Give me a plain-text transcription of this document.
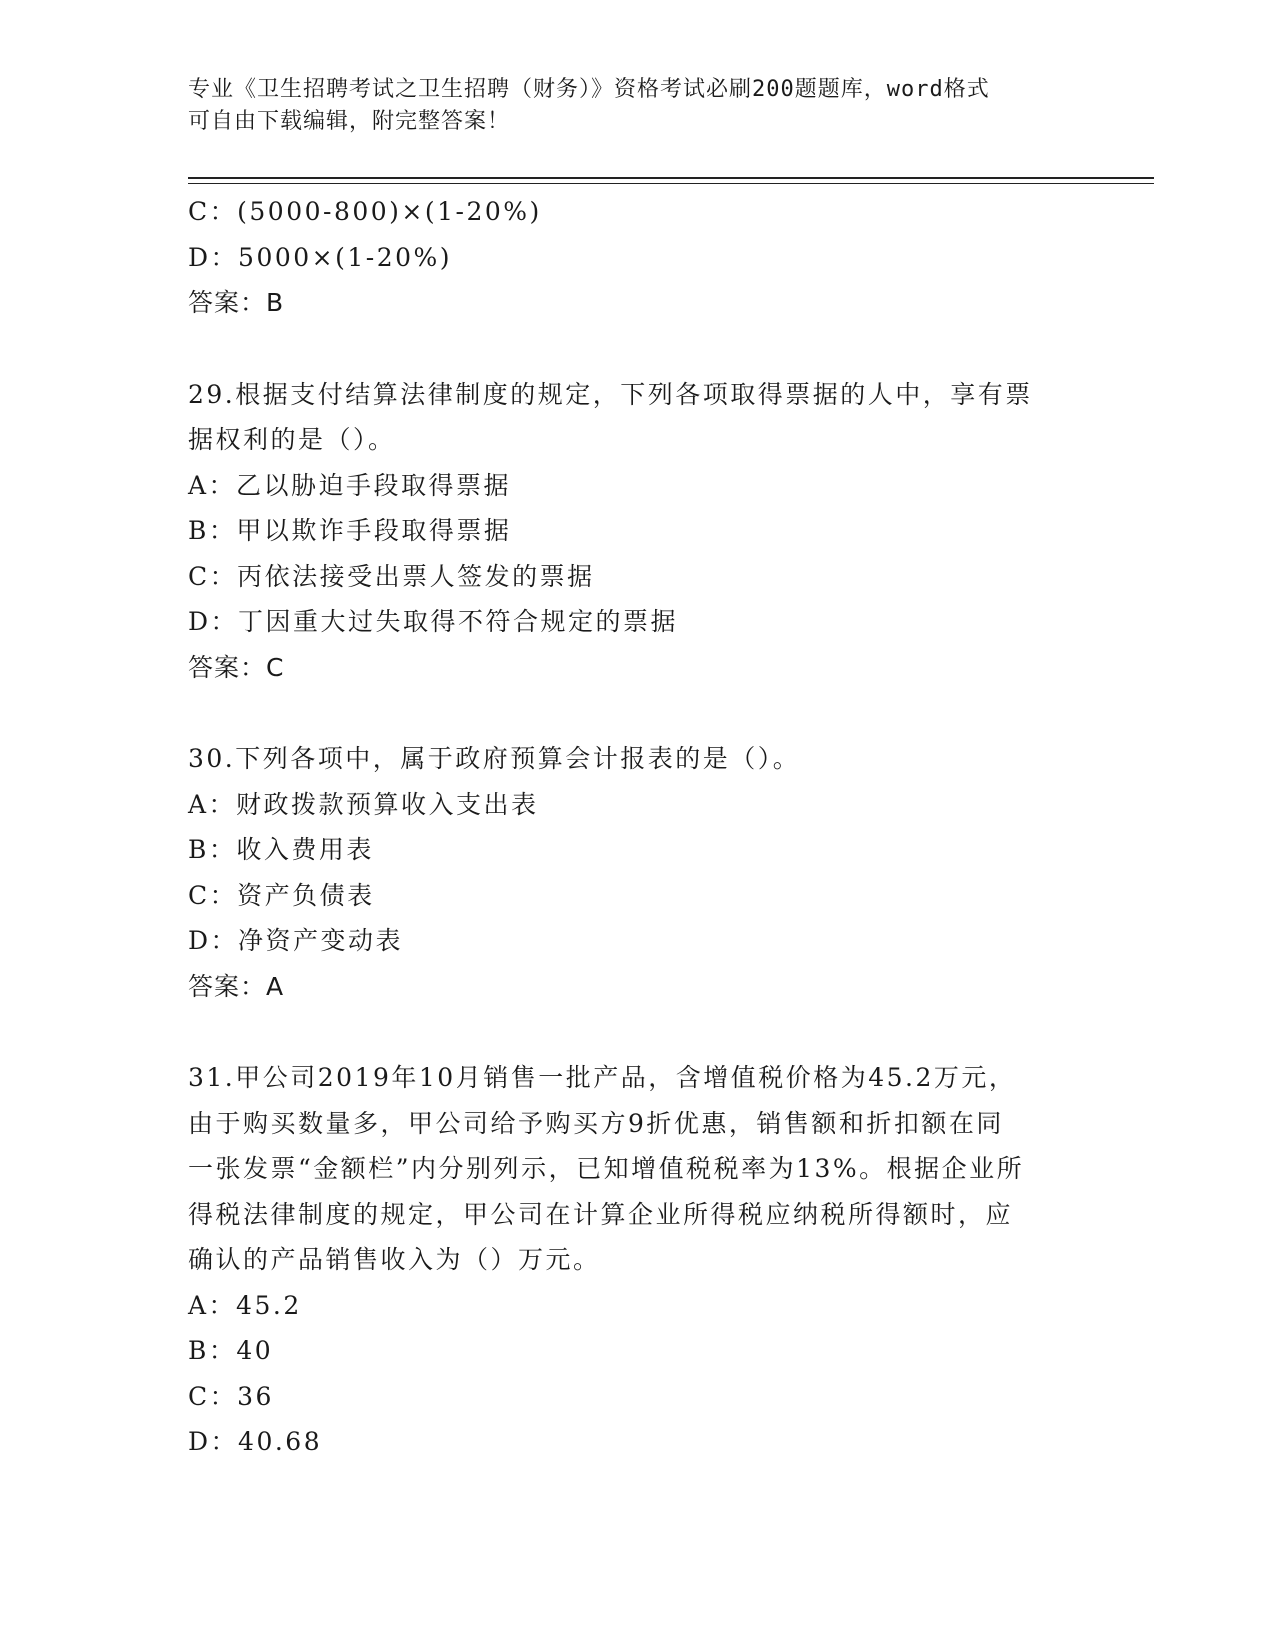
专业《卫生招聘考试之卫生招聘（财务）》资格考试必刷200题题库，word格式
可自由下载编辑，附完整答案！
C：(5000-800)×(1-20%)
D：5000×(1-20%)
答案：B
29.根据支付结算法律制度的规定，下列各项取得票据的人中，享有票
据权利的是（）。
A：乙以胁迫手段取得票据
B：甲以欺诈手段取得票据
C：丙依法接受出票人签发的票据
D：丁因重大过失取得不符合规定的票据
答案：C
30.下列各项中，属于政府预算会计报表的是（）。
A：财政拨款预算收入支出表
B：收入费用表
C：资产负债表
D：净资产变动表
答案：A
31.甲公司2019年10月销售一批产品，含增值税价格为45.2万元，
由于购买数量多，甲公司给予购买方9折优惠，销售额和折扣额在同
一张发票“金额栏”内分别列示，已知增值税税率为13%。根据企业所
得税法律制度的规定，甲公司在计算企业所得税应纳税所得额时，应
确认的产品销售收入为（）万元。
A：45.2
B：40
C：36
D：40.68
